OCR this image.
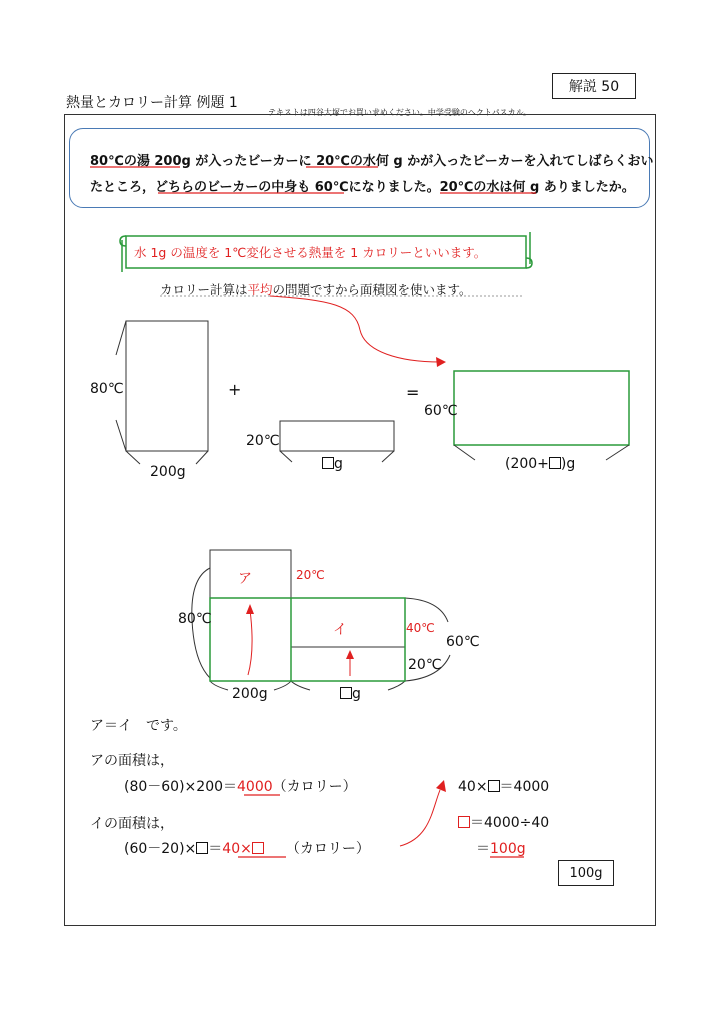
熱量とカロリー計算 例題 1
解説 50
テキストは四谷大塚でお買い求めください。中学受験のヘクトパスカル。
80℃の湯 200g が入ったビーカーに 20℃の水何 g かが入ったビーカーを入れてしばらくおい
たところ，どちらのビーカーの中身も 60℃になりました。20℃の水は何 g ありましたか。
水 1g の温度を 1℃変化させる熱量を 1 カロリーといいます。
カロリー計算は平均の問題ですから面積図を使います。
80℃
200g
+
20℃
g
=
60℃
(200+ )g
ア	20℃
80℃
イ	40℃
60℃
20℃
200g	g
ア＝イ　です。
アの面積は，
(80－60)×200＝4000（カロリー）
イの面積は，
(60－20)× ＝40× （カロリー）
40× ＝4000
＝4000÷40
＝100g
100g
